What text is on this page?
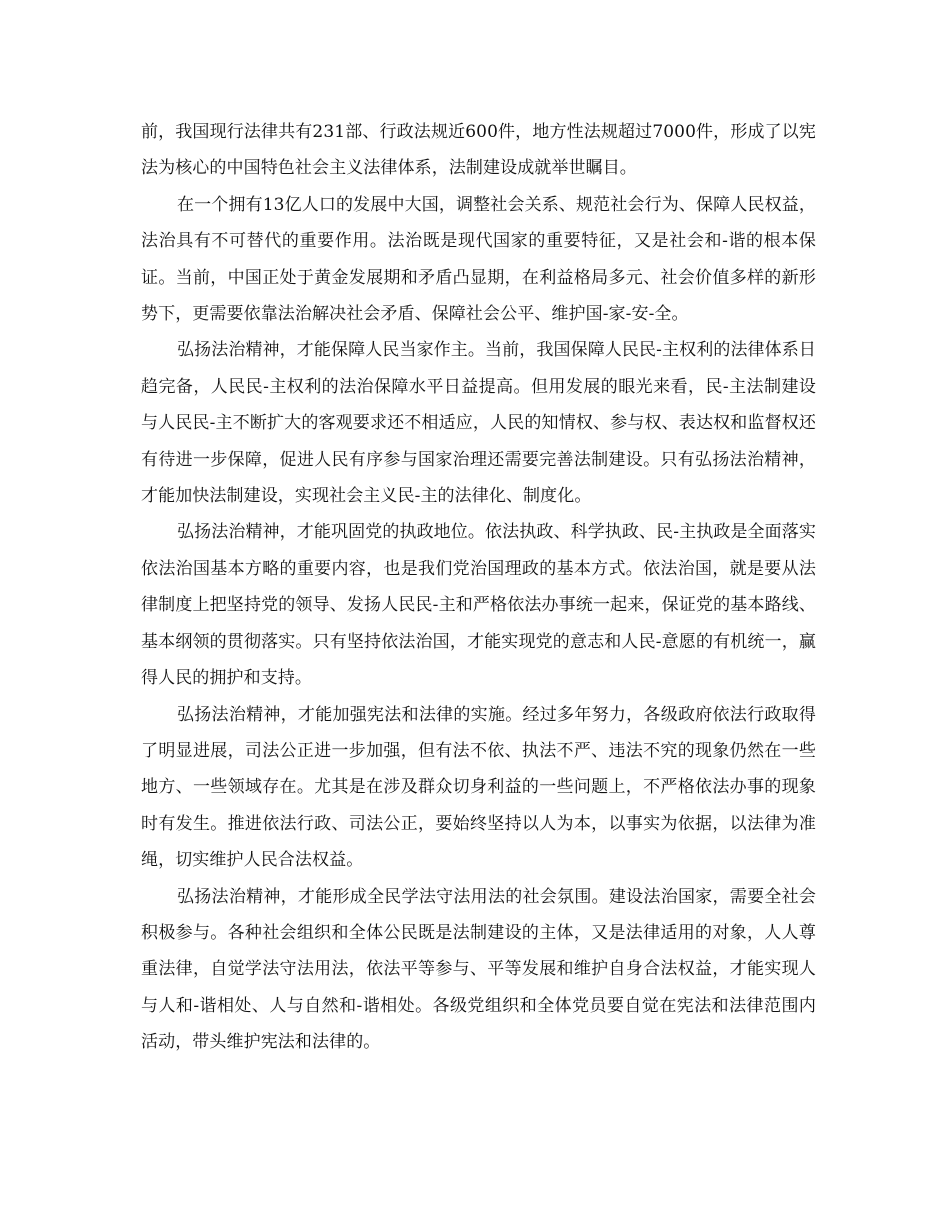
前，我国现行法律共有231部、行政法规近600件，地方性法规超过7000件，形成了以宪法为核心的中国特色社会主义法律体系，法制建设成就举世瞩目。

在一个拥有13亿人口的发展中大国，调整社会关系、规范社会行为、保障人民权益，法治具有不可替代的重要作用。法治既是现代国家的重要特征，又是社会和-谐的根本保证。当前，中国正处于黄金发展期和矛盾凸显期，在利益格局多元、社会价值多样的新形势下，更需要依靠法治解决社会矛盾、保障社会公平、维护国-家-安-全。

弘扬法治精神，才能保障人民当家作主。当前，我国保障人民民-主权利的法律体系日趋完备，人民民-主权利的法治保障水平日益提高。但用发展的眼光来看，民-主法制建设与人民民-主不断扩大的客观要求还不相适应，人民的知情权、参与权、表达权和监督权还有待进一步保障，促进人民有序参与国家治理还需要完善法制建设。只有弘扬法治精神，才能加快法制建设，实现社会主义民-主的法律化、制度化。

弘扬法治精神，才能巩固党的执政地位。依法执政、科学执政、民-主执政是全面落实依法治国基本方略的重要内容，也是我们党治国理政的基本方式。依法治国，就是要从法律制度上把坚持党的领导、发扬人民民-主和严格依法办事统一起来，保证党的基本路线、基本纲领的贯彻落实。只有坚持依法治国，才能实现党的意志和人民-意愿的有机统一，赢得人民的拥护和支持。

弘扬法治精神，才能加强宪法和法律的实施。经过多年努力，各级政府依法行政取得了明显进展，司法公正进一步加强，但有法不依、执法不严、违法不究的现象仍然在一些地方、一些领域存在。尤其是在涉及群众切身利益的一些问题上，不严格依法办事的现象时有发生。推进依法行政、司法公正，要始终坚持以人为本，以事实为依据，以法律为准绳，切实维护人民合法权益。

弘扬法治精神，才能形成全民学法守法用法的社会氛围。建设法治国家，需要全社会积极参与。各种社会组织和全体公民既是法制建设的主体，又是法律适用的对象，人人尊重法律，自觉学法守法用法，依法平等参与、平等发展和维护自身合法权益，才能实现人与人和-谐相处、人与自然和-谐相处。各级党组织和全体党员要自觉在宪法和法律范围内活动，带头维护宪法和法律的。
